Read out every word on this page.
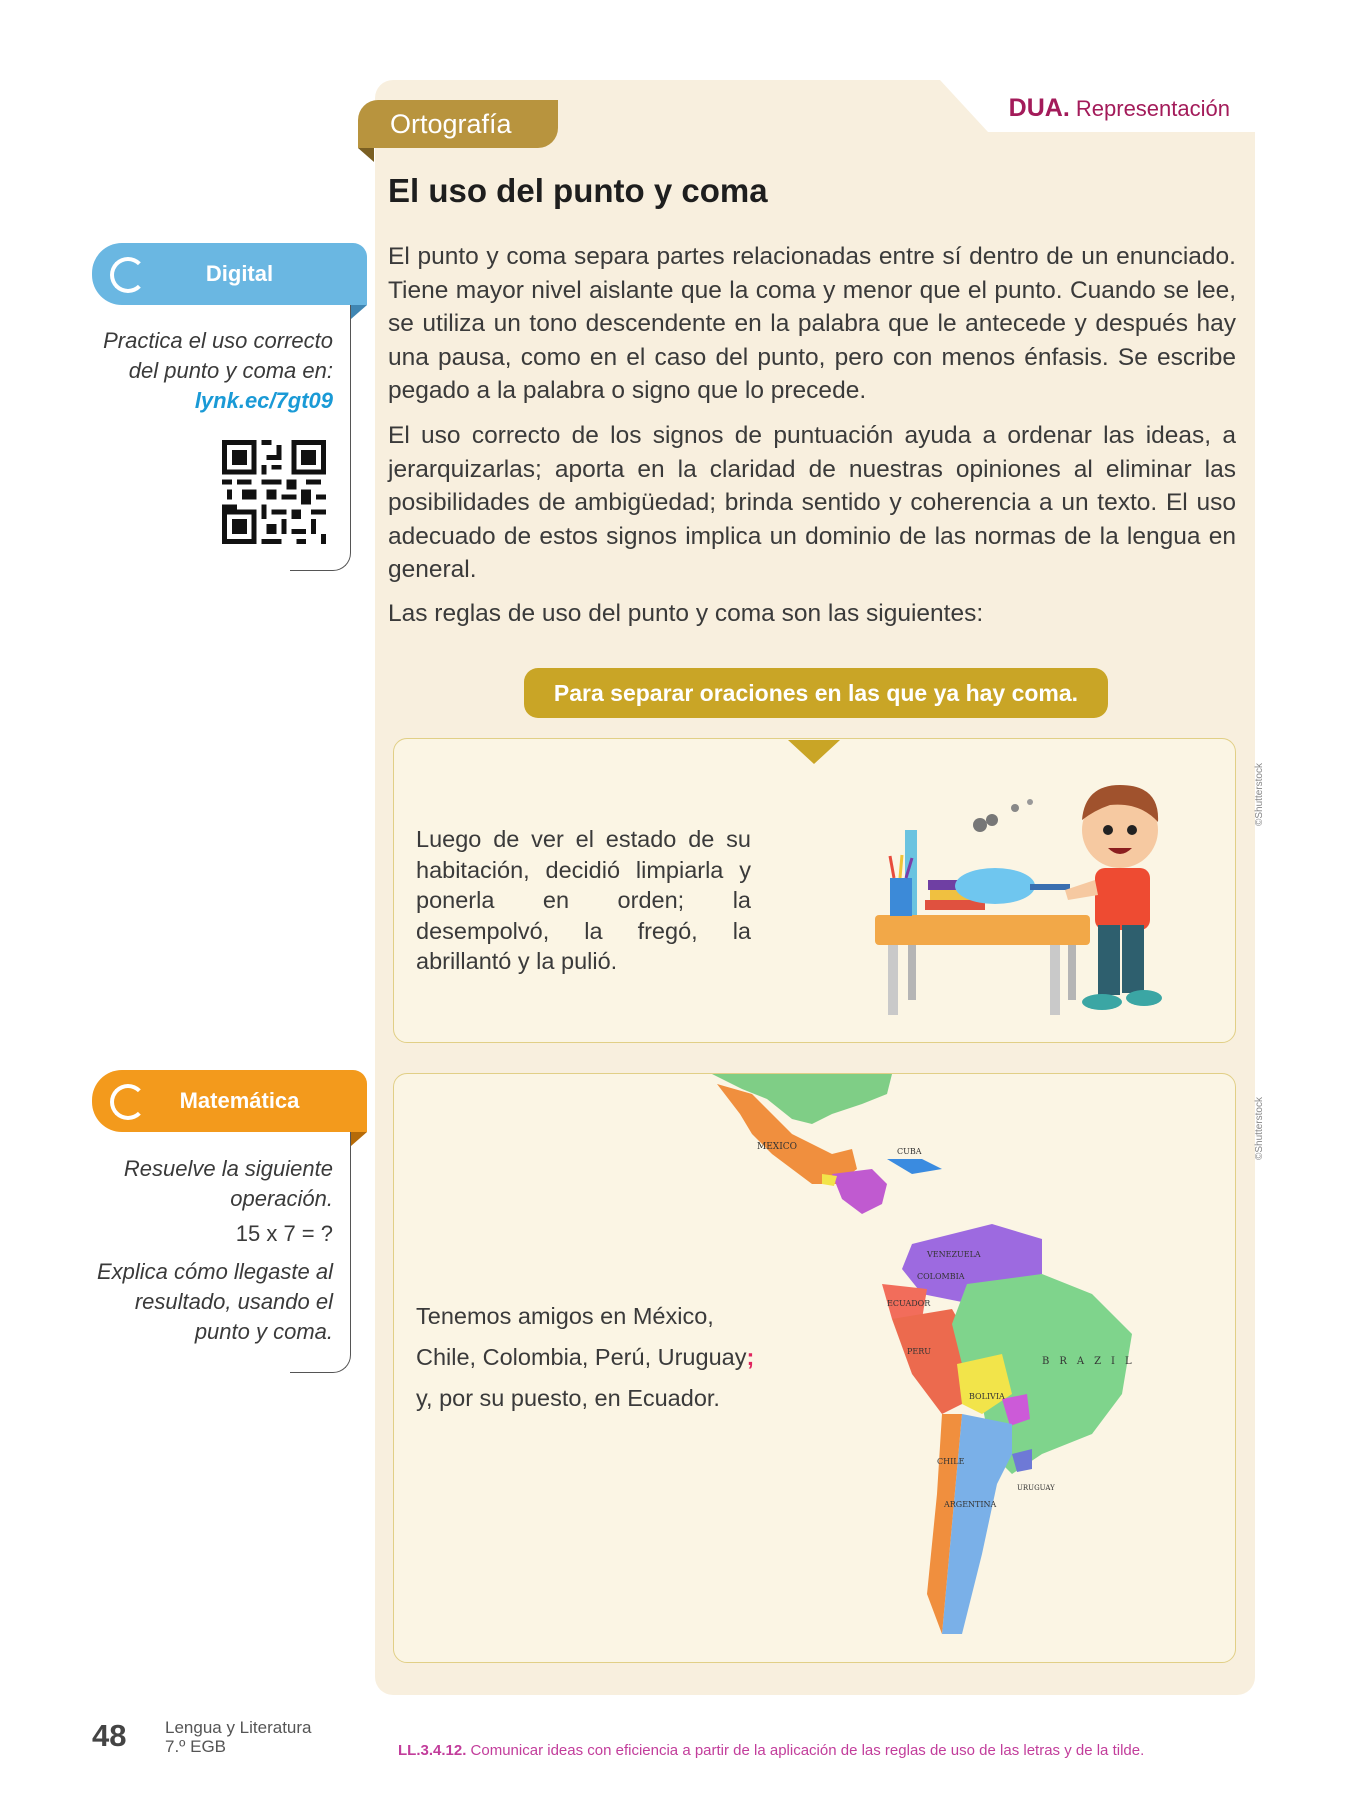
DUA. Representación
Ortografía
El uso del punto y coma

El punto y coma separa partes relacionadas entre sí dentro de un enunciado. Tiene mayor nivel aislante que la coma y menor que el punto. Cuando se lee, se utiliza un tono descendente en la palabra que le antecede y después hay una pausa, como en el caso del punto, pero con menos énfasis. Se escribe pegado a la palabra o signo que lo precede.

El uso correcto de los signos de puntuación ayuda a ordenar las ideas, a jerarquizarlas; aporta en la claridad de nuestras opiniones al eliminar las posibilidades de ambigüedad; brinda sentido y coherencia a un texto. El uso adecuado de estos signos implica un dominio de las normas de la lengua en general.

Las reglas de uso del punto y coma son las siguientes:

Para separar oraciones en las que ya hay coma.

Luego de ver el estado de su habitación, decidió limpiarla y ponerla en orden; la desempolvó, la fregó, la abrillantó y la pulió.

©Shutterstock

Tenemos amigos en México, Chile, Colombia, Perú, Uruguay; y, por su puesto, en Ecuador.

MEXICO	CUBA
VENEZUELA
COLOMBIA
ECUADOR
PERU
BRAZIL
BOLIVIA
ARGENTINA
CHILE
URUGUAY
©Shutterstock
Digital

Practica el uso correcto

del punto y coma en:

lynk.ec/7gt09

Matemática

Resuelve la siguiente

operación.

15 x 7 = ?

Explica cómo llegaste al

resultado, usando el

punto y coma.

48 Lengua y Literatura
7.º EGB	LL.3.4.12. Comunicar ideas con eficiencia a partir de la aplicación de las reglas de uso de las letras y de la tilde.
